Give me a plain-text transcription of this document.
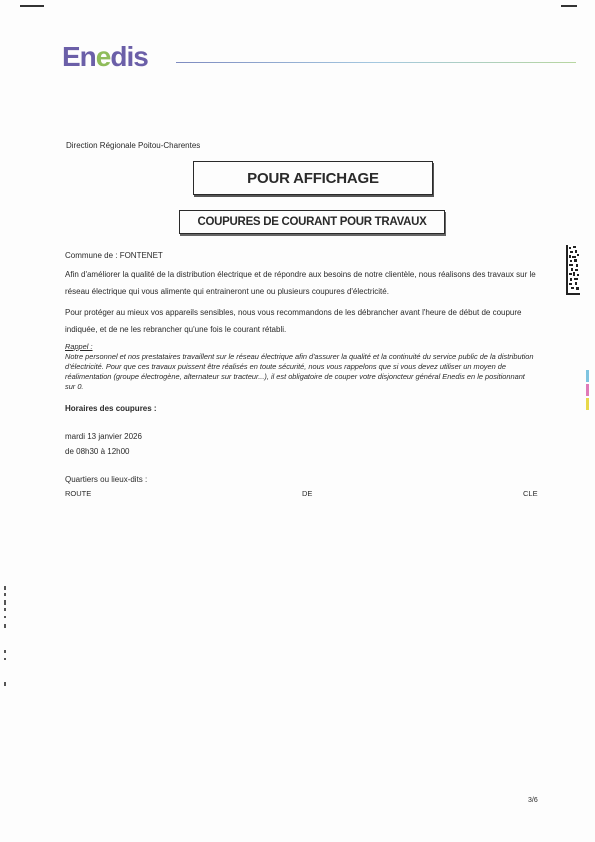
Enedis
Direction Régionale Poitou-Charentes
POUR AFFICHAGE
COUPURES DE COURANT POUR TRAVAUX
Commune de : FONTENET

Afin d'améliorer la qualité de la distribution électrique et de répondre aux besoins de notre clientèle, nous réalisons des travaux sur le réseau électrique qui vous alimente qui entraineront une ou plusieurs coupures d'électricité.

Pour protéger au mieux vos appareils sensibles, nous vous recommandons de les débrancher avant l'heure de début de coupure indiquée, et de ne les rebrancher qu'une fois le courant rétabli.

Rappel :
Notre personnel et nos prestataires travaillent sur le réseau électrique afin d'assurer la qualité et la continuité du service public de la distribution d'électricité. Pour que ces travaux puissent être réalisés en toute sécurité, nous vous rappelons que si vous devez utiliser un moyen de réalimentation (groupe électrogène, alternateur sur tracteur...), il est obligatoire de couper votre disjoncteur général Enedis en le positionnant sur 0.
Horaires des coupures :
mardi 13 janvier 2026
de 08h30 à 12h00
Quartiers ou lieux-dits :
ROUTE	DE	CLE
3/6
